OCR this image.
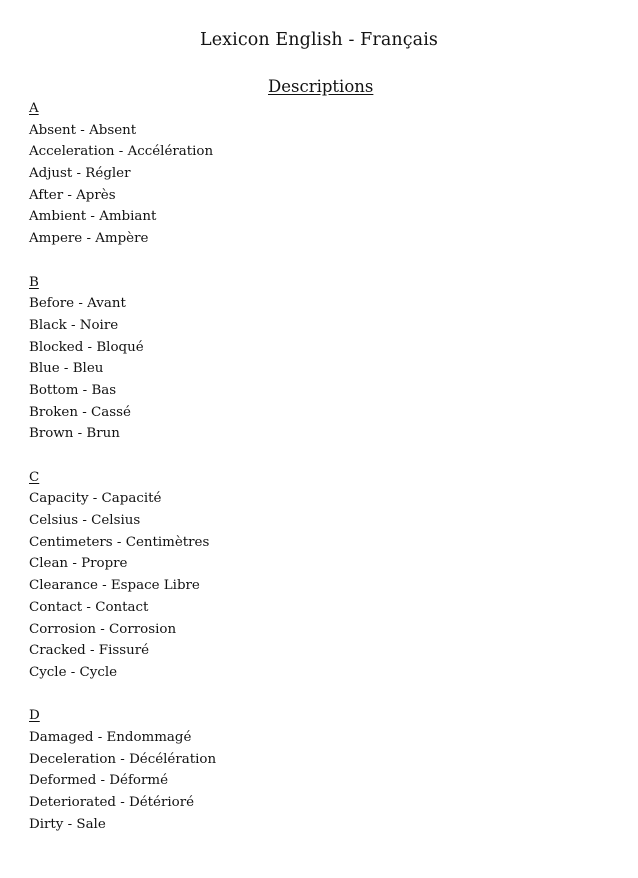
Lexicon English - Français
Descriptions
A
Absent - Absent
Acceleration - Accélération
Adjust - Régler
After - Après
Ambient - Ambiant
Ampere - Ampère
B
Before - Avant
Black - Noire
Blocked - Bloqué
Blue - Bleu
Bottom - Bas
Broken - Cassé
Brown - Brun
C
Capacity - Capacité
Celsius - Celsius
Centimeters - Centimètres
Clean - Propre
Clearance - Espace Libre
Contact - Contact
Corrosion - Corrosion
Cracked - Fissuré
Cycle - Cycle
D
Damaged - Endommagé
Deceleration - Décélération
Deformed - Déformé
Deteriorated - Détérioré
Dirty - Sale
